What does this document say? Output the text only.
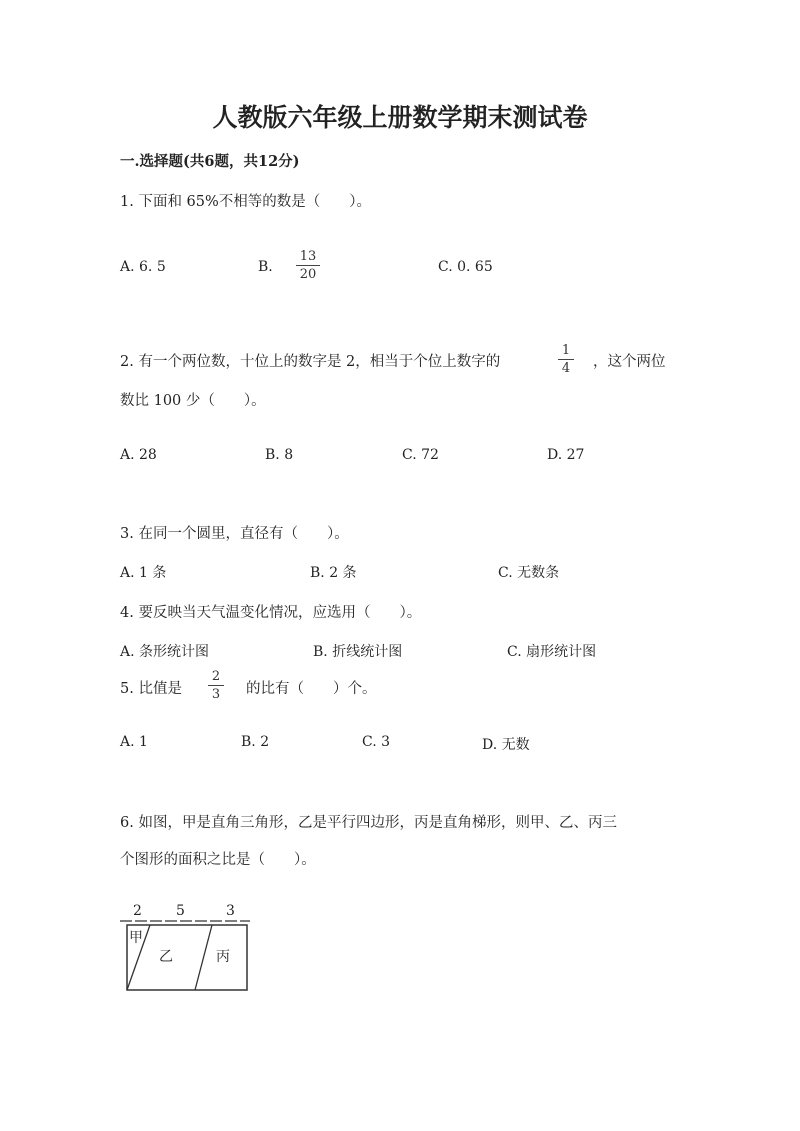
人教版六年级上册数学期末测试卷
一.选择题(共6题，共12分)
1. 下面和 65%不相等的数是（　　）。
A. 6. 5	B.
13
20	C. 0. 65
2. 有一个两位数，十位上的数字是 2，相当于个位上数字的
1
4 ，这个两位
数比 100 少（　　）。
A. 28	B. 8	C. 72	D. 27
3. 在同一个圆里，直径有（　　）。
A. 1 条	B. 2 条	C. 无数条
4. 要反映当天气温变化情况，应选用（　　）。
A. 条形统计图	B. 折线统计图	C. 扇形统计图
5. 比值是
2
3 的比有（　　）个。
A. 1	B. 2	C. 3	D. 无数
6. 如图，甲是直角三角形，乙是平行四边形，丙是直角梯形，则甲、乙、丙三
个图形的面积之比是（　　）。
2 5	3
甲
乙	丙
